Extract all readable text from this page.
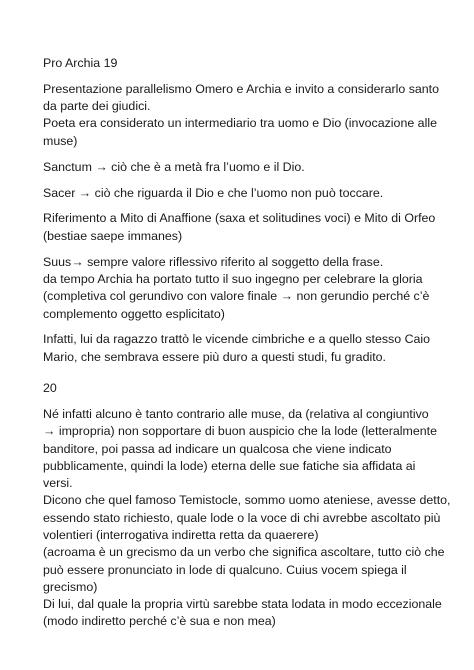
Pro Archia 19

Presentazione parallelismo Omero e Archia e invito a considerarlo santo
da parte dei giudici.
Poeta era considerato un intermediario tra uomo e Dio (invocazione alle
muse)

Sanctum → ciò che è a metà fra l’uomo e il Dio.

Sacer → ciò che riguarda il Dio e che l’uomo non può toccare.

Riferimento a Mito di Anaffione (saxa et solitudines voci) e Mito di Orfeo
(bestiae saepe immanes)

Suus→ sempre valore riflessivo riferito al soggetto della frase.
da tempo Archia ha portato tutto il suo ingegno per celebrare la gloria
(completiva col gerundivo con valore finale → non gerundio perché c’è
complemento oggetto esplicitato)

Infatti, lui da ragazzo trattò le vicende cimbriche e a quello stesso Caio
Mario, che sembrava essere più duro a questi studi, fu gradito.

20

Né infatti alcuno è tanto contrario alle muse, da (relativa al congiuntivo
→ impropria) non sopportare di buon auspicio che la lode (letteralmente
banditore, poi passa ad indicare un qualcosa che viene indicato
pubblicamente, quindi la lode) eterna delle sue fatiche sia affidata ai
versi.
Dicono che quel famoso Temistocle, sommo uomo ateniese, avesse detto,
essendo stato richiesto, quale lode o la voce di chi avrebbe ascoltato più
volentieri (interrogativa indiretta retta da quaerere)
(acroama è un grecismo da un verbo che significa ascoltare, tutto ciò che
può essere pronunciato in lode di qualcuno. Cuius vocem spiega il
grecismo)
Di lui, dal quale la propria virtù sarebbe stata lodata in modo eccezionale
(modo indiretto perché c’è sua e non mea)
